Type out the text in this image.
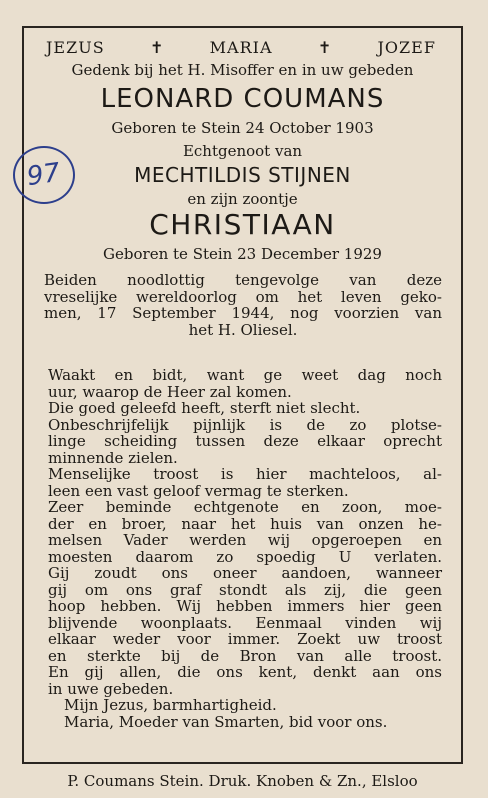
JEZUS	✝	MARIA	✝	JOZEF
Gedenk bij het H. Misoffer en in uw gebeden
LEONARD COUMANS
Geboren te Stein 24 October 1903
Echtgenoot van
MECHTILDIS STIJNEN
en zijn zoontje
CHRISTIAAN
Geboren te Stein 23 December 1929
Beiden noodlottig tengevolge van deze
vreselijke wereldoorlog om het leven gekо-
men, 17 September 1944, nog voorzien van
het H. Oliesel.
Waakt en bidt, want ge weet dag noch
uur, waarop de Heer zal komen.
Die goed geleefd heeft, sterft niet slecht.
Onbeschrijfelijk pijnlijk is de zo plotse-
linge scheiding tussen deze elkaar oprecht
minnende zielen.
Menselijke troost is hier machteloos, al-
leen een vast geloof vermag te sterken.
Zeer beminde echtgenote en zoon, moe-
der en broer, naar het huis van onzen he-
melsen Vader werden wij opgeroepen en
moesten daarom zo spoedig U verlaten.
Gij zoudt ons oneer aandoen, wanneer
gij om ons graf stondt als zij, die geen
hoop hebben. Wij hebben immers hier geen
blijvende woonplaats. Eenmaal vinden wij
elkaar weder voor immer. Zoekt uw troost
en sterkte bij de Bron van alle troost.
En gij allen, die ons kent, denkt aan ons
in uwe gebeden.
Mijn Jezus, barmhartigheid.
Maria, Moeder van Smarten, bid voor ons.
P. Coumans Stein. Druk. Knoben & Zn., Elsloo
97
